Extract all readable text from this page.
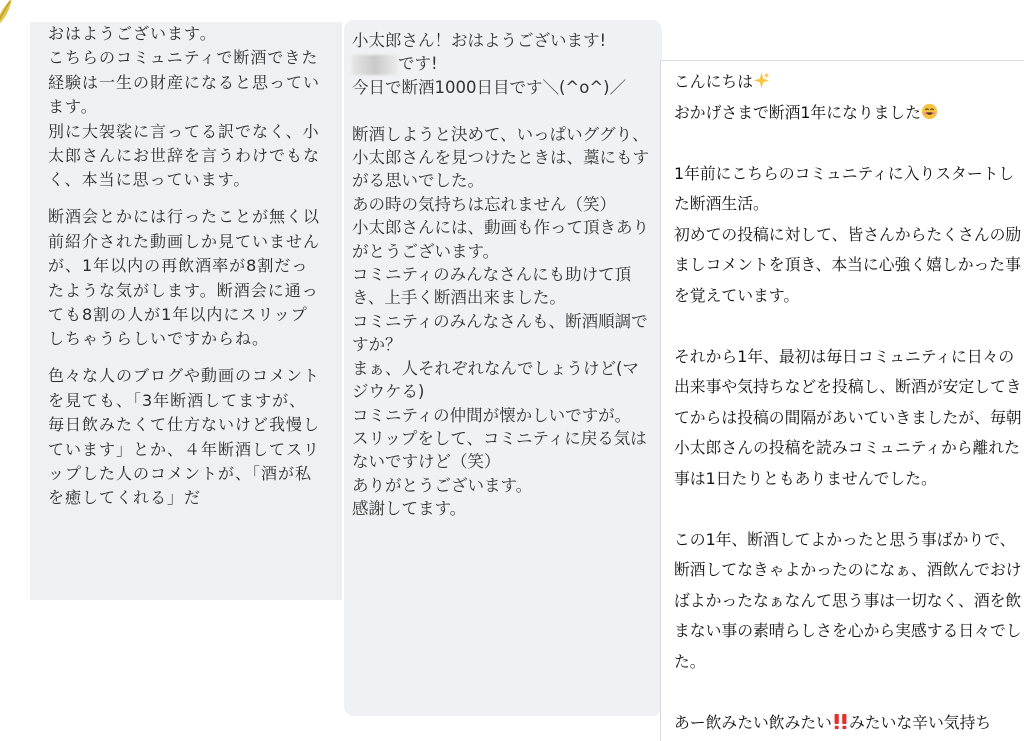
おはようございます。
こちらのコミュニティで断酒できた経験は一生の財産になると思っています。
別に大袈裟に言ってる訳でなく、小太郎さんにお世辞を言うわけでもなく、本当に思っています。

断酒会とかには行ったことが無く以前紹介された動画しか見ていませんが、1年以内の再飲酒率が8割だったような気がします。断酒会に通っても8割の人が1年以内にスリップしちゃうらしいですからね。

色々な人のブログや動画のコメントを見ても、「3年断酒してますが、毎日飲みたくて仕方ないけど我慢しています」とか、４年断酒してスリップした人のコメントが、「酒が私を癒してくれる」だ

小太郎さん！おはようございます!

です!

今日で断酒1000日目です＼(^o^)／

断酒しようと決めて、いっぱいググり、小太郎さんを見つけたときは、藁にもすがる思いでした。
あの時の気持ちは忘れません（笑）
小太郎さんには、動画も作って頂きありがとうございます。
コミニティのみんなさんにも助けて頂き、上手く断酒出来ました。
コミニティのみんなさんも、断酒順調ですか？
まぁ、人それぞれなんでしょうけど(マジウケる)
コミニティの仲間が懐かしいですが。
スリップをして、コミニティに戻る気はないですけど（笑）
ありがとうございます。
感謝してます。

こんにちは
おかげさまで断酒1年になりました

1年前にこちらのコミュニティに入りスタートした断酒生活。
初めての投稿に対して、皆さんからたくさんの励ましコメントを頂き、本当に心強く嬉しかった事を覚えています。

それから1年、最初は毎日コミュニティに日々の出来事や気持ちなどを投稿し、断酒が安定してきてからは投稿の間隔があいていきましたが、毎朝小太郎さんの投稿を読みコミュニティから離れた事は1日たりともありませんでした。

この1年、断酒してよかったと思う事ばかりで、断酒してなきゃよかったのになぁ、酒飲んでおけばよかったなぁなんて思う事は一切なく、酒を飲まない事の素晴らしさを心から実感する日々でした。

あー飲みたい飲みたい みたいな辛い気持ち
